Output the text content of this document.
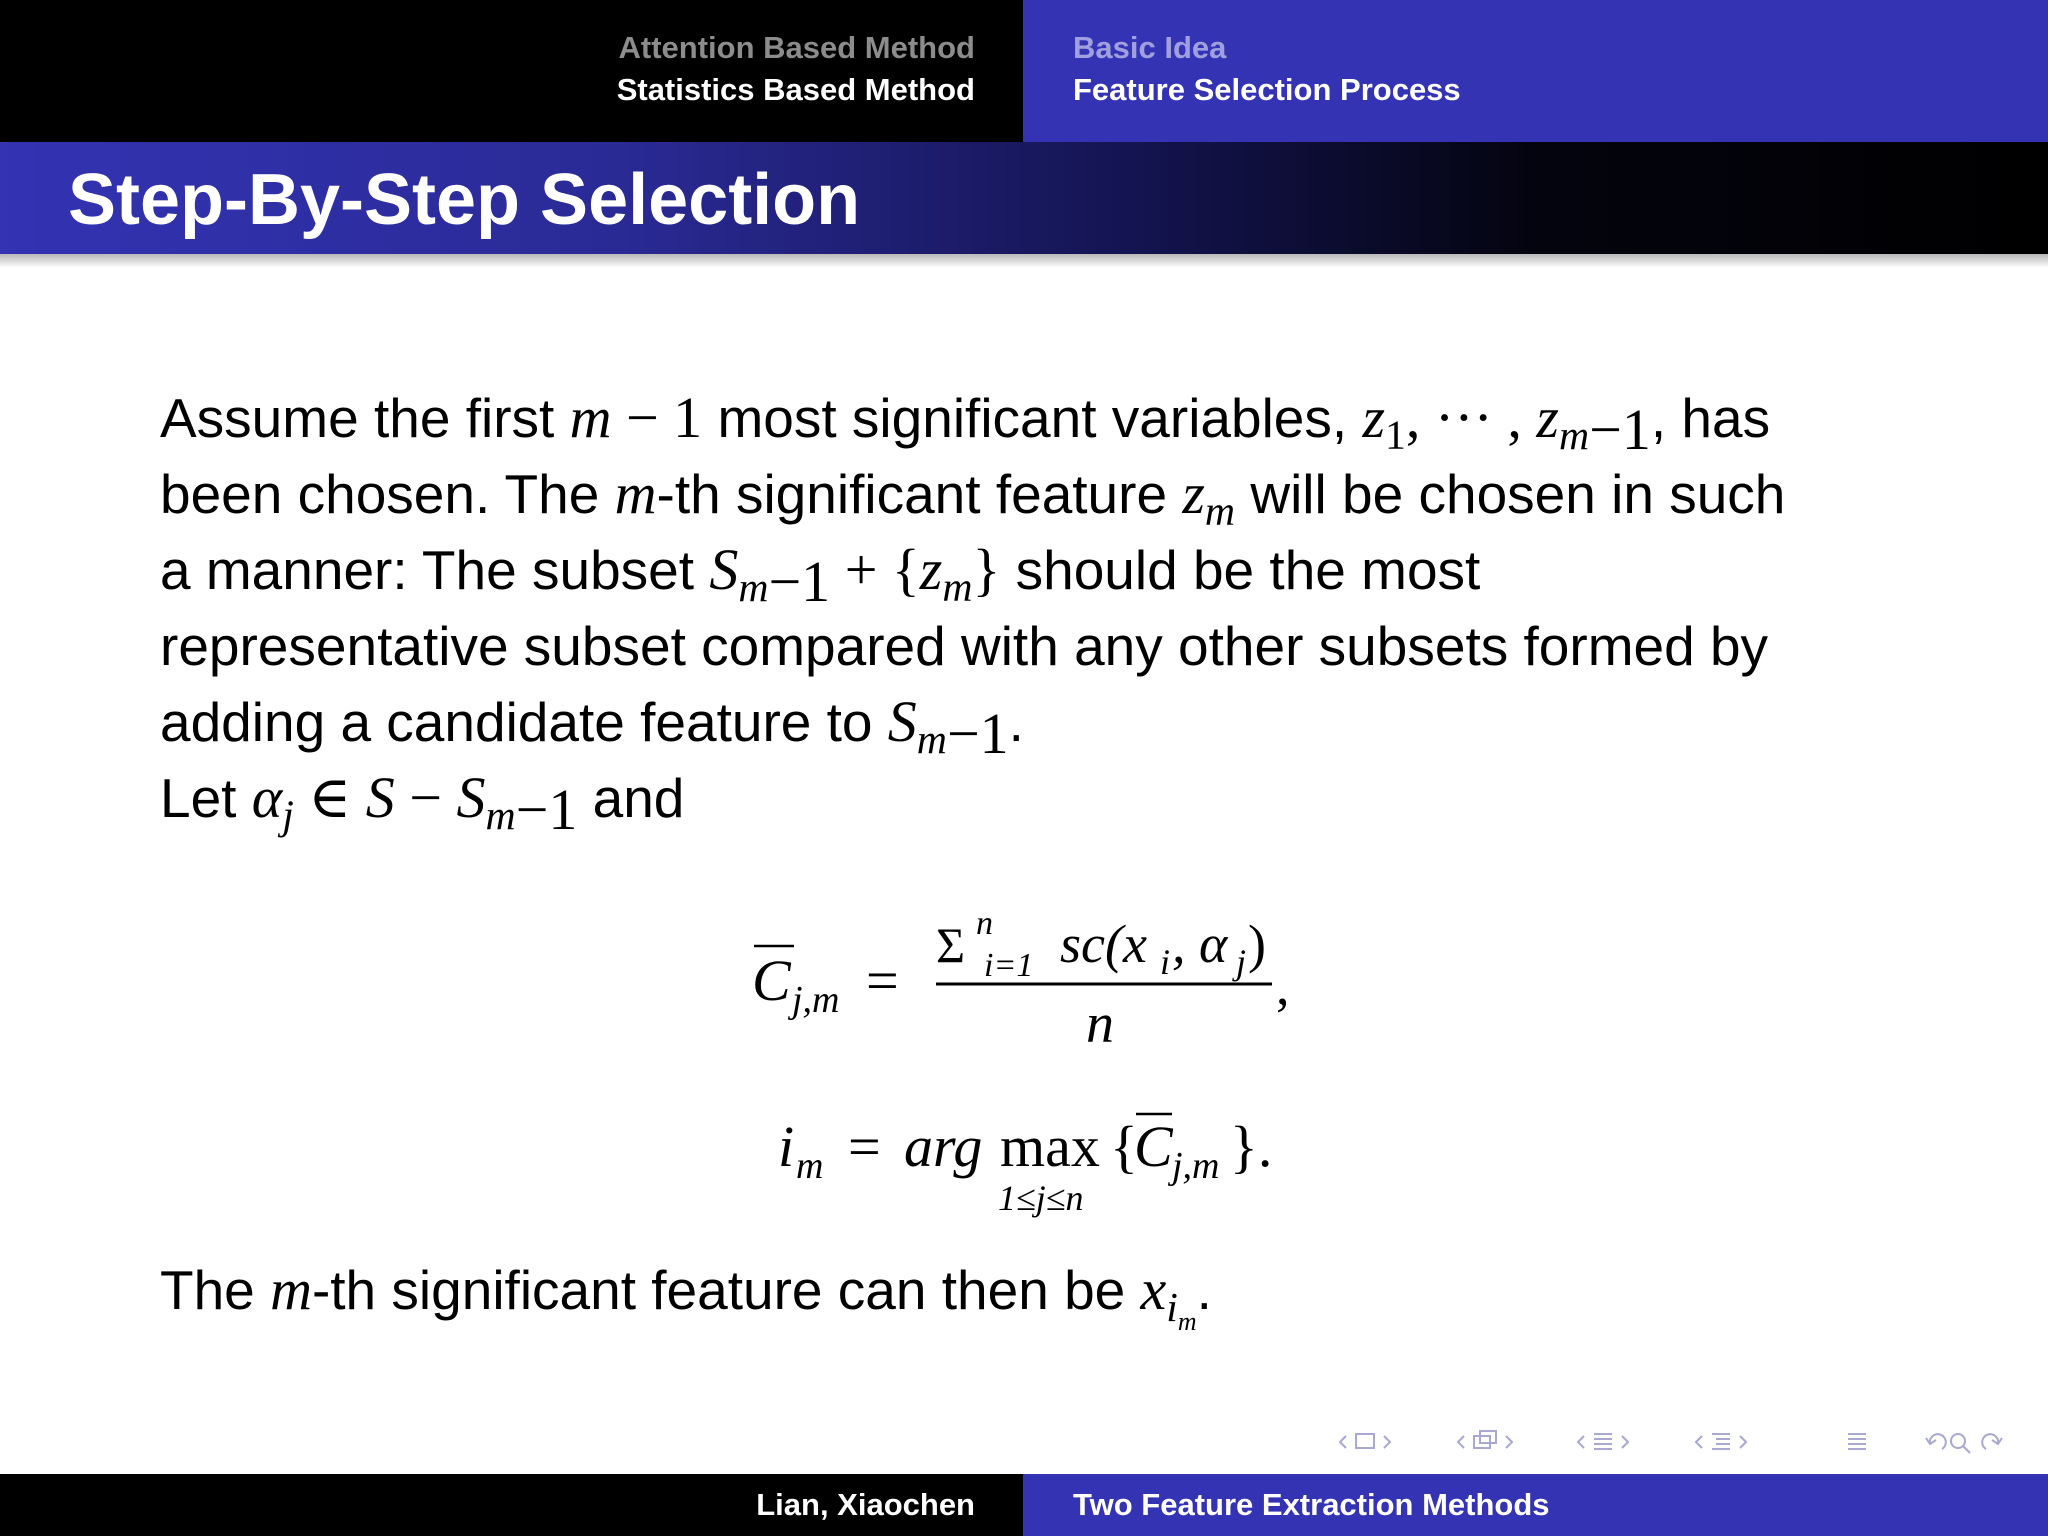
Attention Based Method
Statistics Based Method
Basic Idea
Feature Selection Process
Step-By-Step Selection
Assume the first m − 1 most significant variables, $z_1$, ··· , $z_{m-1}$, has
been chosen. The m-th significant feature $z_m$ will be chosen in such
a manner: The subset $S_{m-1} + \{z_m\}$ should be the most
representative subset compared with any other subsets formed by
adding a candidate feature to $S_{m-1}$.
Let $\alpha_j$ ∈ $S - S_{m-1}$ and
C j,m =
Σ n
i=1 sc(x i , α j )
n
,
i m = arg max
1≤j≤n
{
C j,m }.
The m-th significant feature can then be $x_{i_m}$.
Lian, Xiaochen	Two Feature Extraction Methods
